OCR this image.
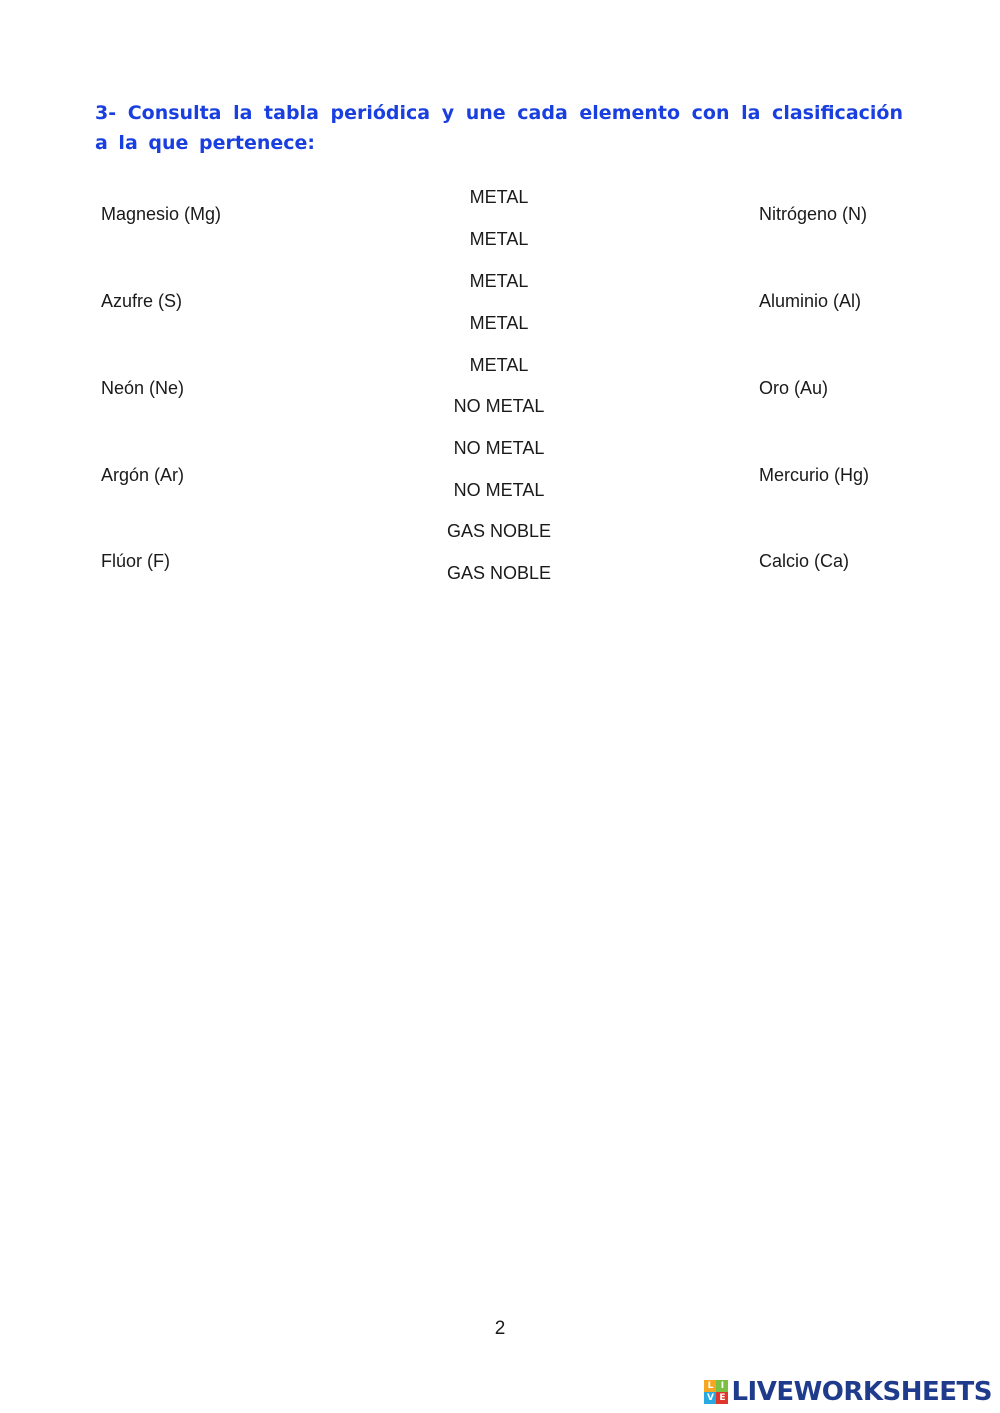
3- Consulta la tabla periódica y une cada elemento con la clasificación a la que pertenece:

Magnesio (Mg)
Azufre (S)
Neón (Ne)
Argón (Ar)
Flúor (F)
METAL
METAL
METAL
METAL
METAL
NO METAL
NO METAL
NO METAL
GAS NOBLE
GAS NOBLE
Nitrógeno (N)
Aluminio (Al)
Oro (Au)
Mercurio (Hg)
Calcio (Ca)
2
L I
V E LIVEWORKSHEETS
